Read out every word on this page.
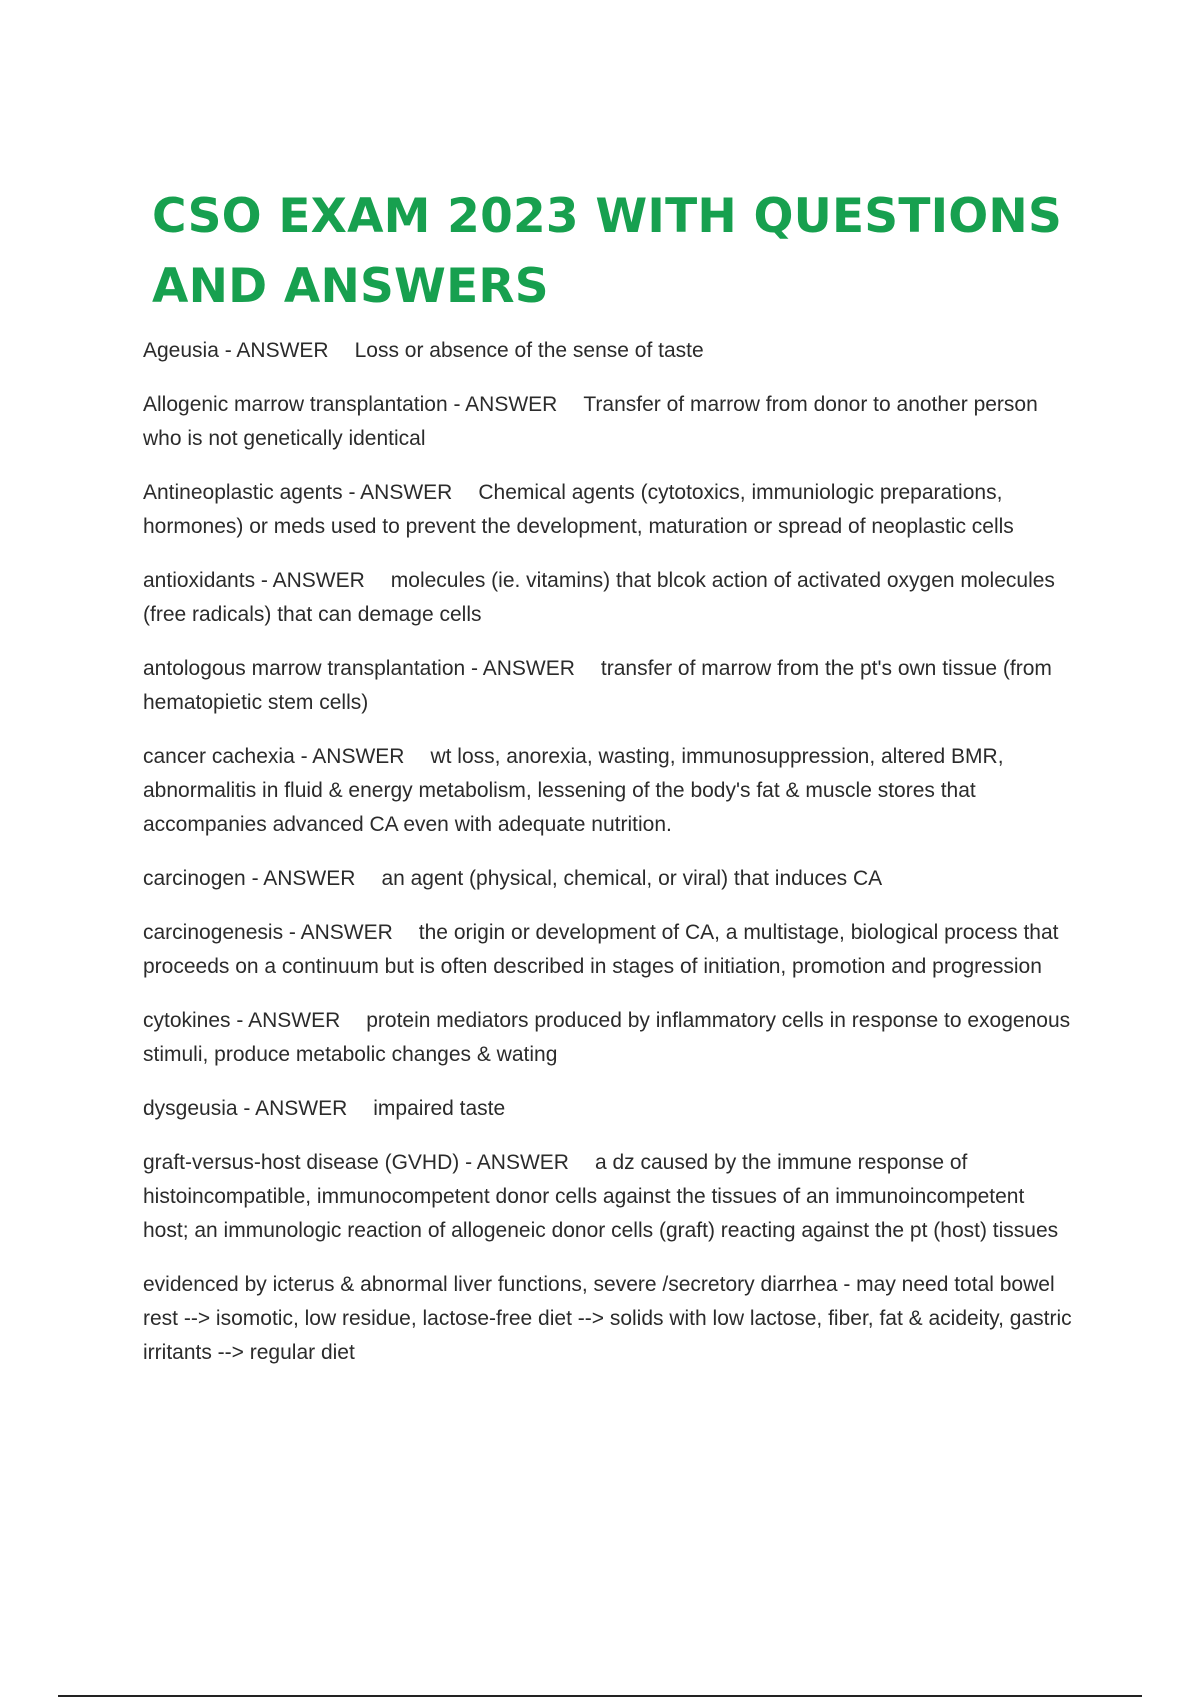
CSO EXAM 2023 WITH QUESTIONS AND ANSWERS

Ageusia - ANSWER Loss or absence of the sense of taste

Allogenic marrow transplantation - ANSWER Transfer of marrow from donor to another person who is not genetically identical

Antineoplastic agents - ANSWER Chemical agents (cytotoxics, immuniologic preparations, hormones) or meds used to prevent the development, maturation or spread of neoplastic cells

antioxidants - ANSWER molecules (ie. vitamins) that blcok action of activated oxygen molecules (free radicals) that can demage cells

antologous marrow transplantation - ANSWER transfer of marrow from the pt's own tissue (from hematopietic stem cells)

cancer cachexia - ANSWER wt loss, anorexia, wasting, immunosuppression, altered BMR, abnormalitis in fluid & energy metabolism, lessening of the body's fat & muscle stores that accompanies advanced CA even with adequate nutrition.

carcinogen - ANSWER an agent (physical, chemical, or viral) that induces CA

carcinogenesis - ANSWER the origin or development of CA, a multistage, biological process that proceeds on a continuum but is often described in stages of initiation, promotion and progression

cytokines - ANSWER protein mediators produced by inflammatory cells in response to exogenous stimuli, produce metabolic changes & wating

dysgeusia - ANSWER impaired taste

graft-versus-host disease (GVHD) - ANSWER a dz caused by the immune response of histoincompatible, immunocompetent donor cells against the tissues of an immunoincompetent host; an immunologic reaction of allogeneic donor cells (graft) reacting against the pt (host) tissues

evidenced by icterus & abnormal liver functions, severe /secretory diarrhea - may need total bowel rest --> isomotic, low residue, lactose-free diet --> solids with low lactose, fiber, fat & acideity, gastric irritants --> regular diet
